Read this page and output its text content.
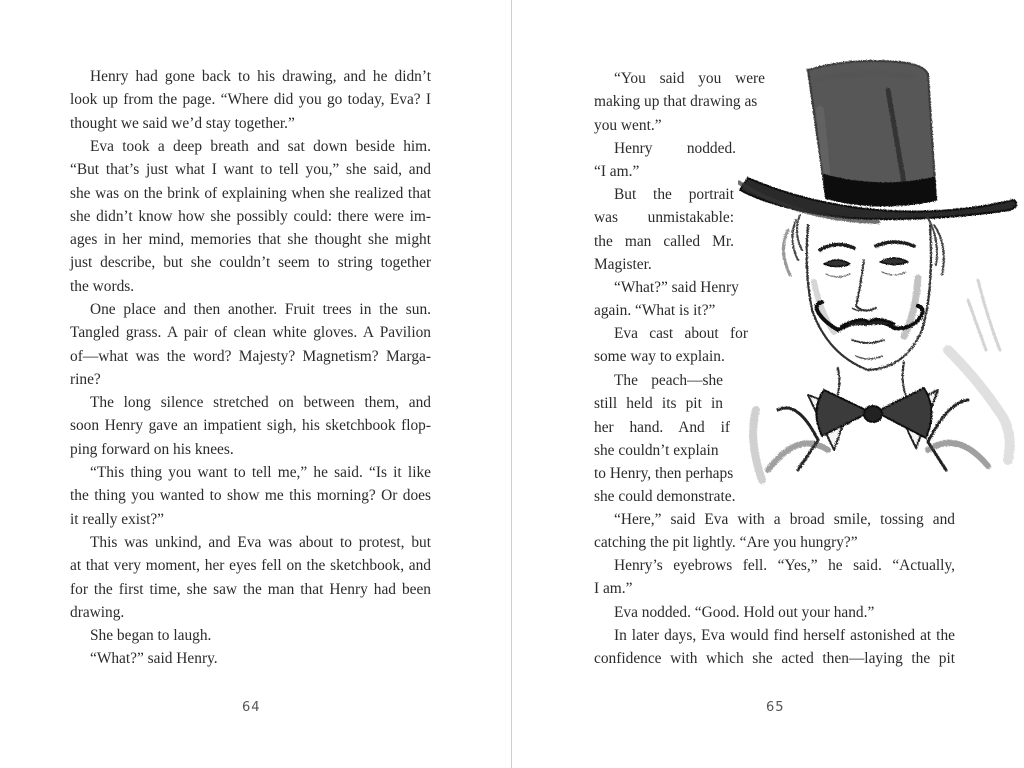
Henry had gone back to his drawing, and he didn’t
look up from the page. “Where did you go today, Eva? I
thought we said we’d stay together.”
Eva took a deep breath and sat down beside him.
“But that’s just what I want to tell you,” she said, and
she was on the brink of explaining when she realized that
she didn’t know how she possibly could: there were im-
ages in her mind, memories that she thought she might
just describe, but she couldn’t seem to string together
the words.
One place and then another. Fruit trees in the sun.
Tangled grass. A pair of clean white gloves. A Pavilion
of—what was the word? Majesty? Magnetism? Marga-
rine?
The long silence stretched on between them, and
soon Henry gave an impatient sigh, his sketchbook flop-
ping forward on his knees.
“This thing you want to tell me,” he said. “Is it like
the thing you wanted to show me this morning? Or does
it really exist?”
This was unkind, and Eva was about to protest, but
at that very moment, her eyes fell on the sketchbook, and
for the first time, she saw the man that Henry had been
drawing.
She began to laugh.
“What?” said Henry.
64
“You said you were
making up that drawing as
you went.”
Henry nodded.
“I am.”
But the portrait
was unmistakable:
the man called Mr.
Magister.
“What?” said Henry
again. “What is it?”
Eva cast about for
some way to explain.
The peach—she
still held its pit in
her hand. And if
she couldn’t explain
to Henry, then perhaps
she could demonstrate.
“Here,” said Eva with a broad smile, tossing and
catching the pit lightly. “Are you hungry?”
Henry’s eyebrows fell. “Yes,” he said. “Actually,
I am.”
Eva nodded. “Good. Hold out your hand.”
In later days, Eva would find herself astonished at the
confidence with which she acted then—laying the pit
65
